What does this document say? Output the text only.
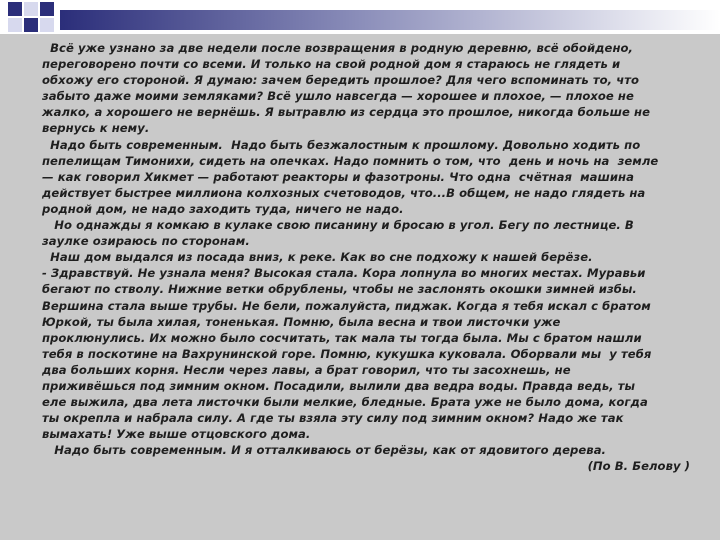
Всё уже узнано за две недели после возвращения в родную деревню, всё обойдено,
переговорено почти со всеми. И только на свой родной дом я стараюсь не глядеть и
обхожу его стороной. Я думаю: зачем бередить прошлое? Для чего вспоминать то, что
забыто даже моими земляками? Всё ушло навсегда — хорошее и плохое, — плохое не
жалко, а хорошего не вернёшь. Я вытравлю из сердца это прошлое, никогда больше не
вернусь к нему.
Надо быть современным.  Надо быть безжалостным к прошлому. Довольно ходить по
пепелищам Тимонихи, сидеть на опечках. Надо помнить о том, что  день и ночь на  земле
— как говорил Хикмет — работают реакторы и фазотроны. Что одна  счётная  машина
действует быстрее миллиона колхозных счетоводов, что...В общем, не надо глядеть на
родной дом, не надо заходить туда, ничего не надо.
Но однажды я комкаю в кулаке свою писанину и бросаю в угол. Бегу по лестнице. В
заулке озираюсь по сторонам.
Наш дом выдался из посада вниз, к реке. Как во сне подхожу к нашей берёзе.
- Здравствуй. Не узнала меня? Высокая стала. Кора лопнула во многих местах. Муравьи
бегают по стволу. Нижние ветки обрублены, чтобы не заслонять окошки зимней избы.
Вершина стала выше трубы. Не бели, пожалуйста, пиджак. Когда я тебя искал с братом
Юркой, ты была хилая, тоненькая. Помню, была весна и твои листочки уже
проклюнулись. Их можно было сосчитать, так мала ты тогда была. Мы с братом нашли
тебя в поскотине на Вахрунинской горе. Помню, кукушка куковала. Оборвали мы  у тебя
два больших корня. Несли через лавы, а брат говорил, что ты засохнешь, не
приживёшься под зимним окном. Посадили, вылили два ведра воды. Правда ведь, ты
еле выжила, два лета листочки были мелкие, бледные. Брата уже не было дома, когда
ты окрепла и набрала силу. А где ты взяла эту силу под зимним окном? Надо же так
вымахать! Уже выше отцовского дома.
Надо быть современным. И я отталкиваюсь от берёзы, как от ядовитого дерева.
(По В. Белову )
